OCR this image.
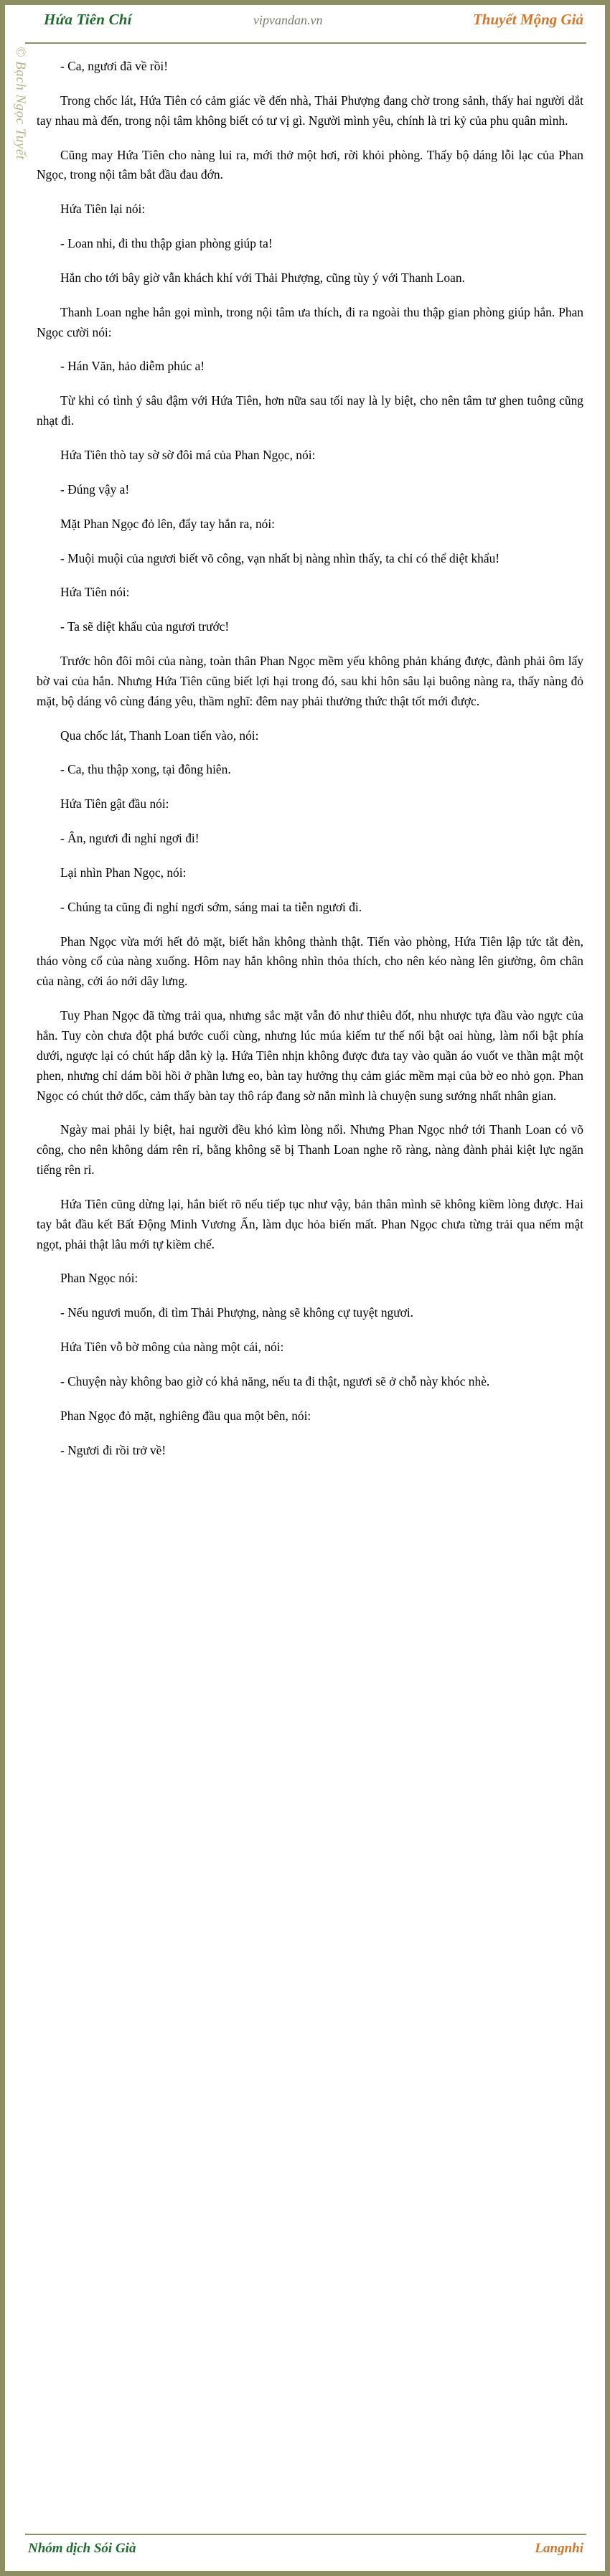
Hứa Tiên Chí	vipvandan.vn	Thuyết Mộng Giả
© Bạch Ngọc Tuyết	- Ca, ngươi đã về rồi!

Trong chốc lát, Hứa Tiên có cảm giác về đến nhà, Thải Phượng đang chờ trong sảnh, thấy hai người dắt tay nhau mà đến, trong nội tâm không biết có tư vị gì. Người mình yêu, chính là tri kỷ của phu quân mình.

Cũng may Hứa Tiên cho nàng lui ra, mới thở một hơi, rời khỏi phòng. Thấy bộ dáng lỗi lạc của Phan Ngọc, trong nội tâm bắt đầu đau đớn.

Hứa Tiên lại nói:

- Loan nhi, đi thu thập gian phòng giúp ta!

Hắn cho tới bây giờ vẫn khách khí với Thải Phượng, cũng tùy ý với Thanh Loan.

Thanh Loan nghe hắn gọi mình, trong nội tâm ưa thích, đi ra ngoài thu thập gian phòng giúp hắn. Phan Ngọc cười nói:

- Hán Văn, hảo diễm phúc a!

Từ khi có tình ý sâu đậm với Hứa Tiên, hơn nữa sau tối nay là ly biệt, cho nên tâm tư ghen tuông cũng nhạt đi.

Hứa Tiên thò tay sờ sờ đôi má của Phan Ngọc, nói:

- Đúng vậy a!

Mặt Phan Ngọc đỏ lên, đẩy tay hắn ra, nói:

- Muội muội của ngươi biết võ công, vạn nhất bị nàng nhìn thấy, ta chỉ có thể diệt khẩu!

Hứa Tiên nói:

- Ta sẽ diệt khẩu của ngươi trước!

Trước hôn đôi môi của nàng, toàn thân Phan Ngọc mềm yếu không phản kháng được, đành phải ôm lấy bờ vai của hắn. Nhưng Hứa Tiên cũng biết lợi hại trong đó, sau khi hôn sâu lại buông nàng ra, thấy nàng đỏ mặt, bộ dáng vô cùng đáng yêu, thầm nghĩ: đêm nay phải thưởng thức thật tốt mới được.

Qua chốc lát, Thanh Loan tiến vào, nói:

- Ca, thu thập xong, tại đông hiên.

Hứa Tiên gật đầu nói:

- Ân, ngươi đi nghỉ ngơi đi!

Lại nhìn Phan Ngọc, nói:

- Chúng ta cũng đi nghỉ ngơi sớm, sáng mai ta tiễn ngươi đi.

Phan Ngọc vừa mới hết đỏ mặt, biết hắn không thành thật. Tiến vào phòng, Hứa Tiên lập tức tắt đèn, tháo vòng cổ của nàng xuống. Hôm nay hắn không nhìn thỏa thích, cho nên kéo nàng lên giường, ôm chân của nàng, cởi áo nới dây lưng.

Tuy Phan Ngọc đã từng trải qua, nhưng sắc mặt vẫn đỏ như thiêu đốt, nhu nhược tựa đầu vào ngực của hắn. Tuy còn chưa đột phá bước cuối cùng, nhưng lúc múa kiếm tư thế nổi bật oai hùng, làm nổi bật phía dưới, ngược lại có chút hấp dẫn kỳ lạ. Hứa Tiên nhịn không được đưa tay vào quần áo vuốt ve thần mật một phen, nhưng chỉ dám bồi hồi ở phần lưng eo, bàn tay hưởng thụ cảm giác mềm mại của bờ eo nhỏ gọn. Phan Ngọc có chút thở dốc, cảm thấy bàn tay thô ráp đang sờ nắn mình là chuyện sung sướng nhất nhân gian.

Ngày mai phải ly biệt, hai người đều khó kìm lòng nổi. Nhưng Phan Ngọc nhớ tới Thanh Loan có võ công, cho nên không dám rên rỉ, bằng không sẽ bị Thanh Loan nghe rõ ràng, nàng đành phải kiệt lực ngăn tiếng rên rỉ.

Hứa Tiên cũng dừng lại, hắn biết rõ nếu tiếp tục như vậy, bản thân mình sẽ không kiềm lòng được. Hai tay bắt đầu kết Bất Động Minh Vương Ấn, làm dục hỏa biến mất. Phan Ngọc chưa từng trải qua nếm mật ngọt, phải thật lâu mới tự kiềm chế.

Phan Ngọc nói:

- Nếu ngươi muốn, đi tìm Thải Phượng, nàng sẽ không cự tuyệt ngươi.

Hứa Tiên vỗ bờ mông của nàng một cái, nói:

- Chuyện này không bao giờ có khả năng, nếu ta đi thật, ngươi sẽ ở chỗ này khóc nhè.

Phan Ngọc đỏ mặt, nghiêng đầu qua một bên, nói:

- Ngươi đi rồi trở về!

Nhóm dịch Sói Già	Langnhi
